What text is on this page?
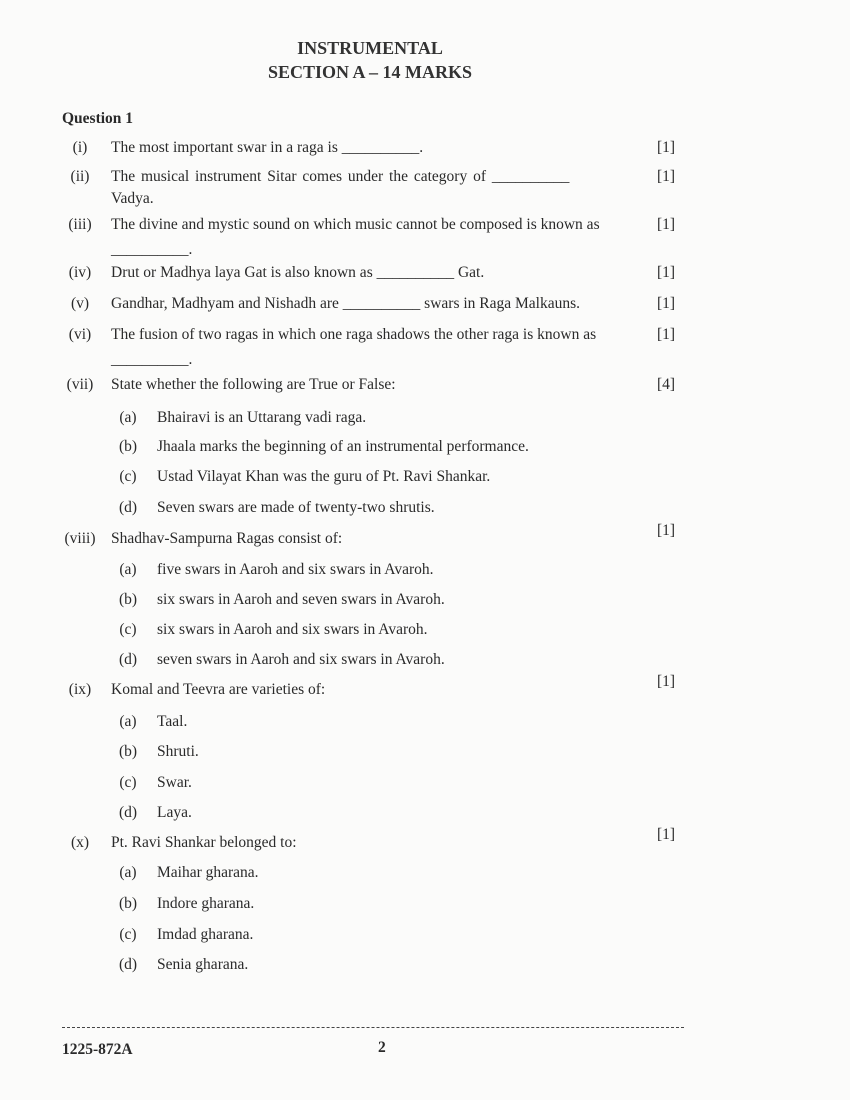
INSTRUMENTAL
SECTION A – 14 MARKS
Question 1
(i)	The most important swar in a raga is __________.	[1]
(ii)	The musical instrument Sitar comes under the category of __________
Vadya.
[1]
(iii)	The divine and mystic sound on which music cannot be composed is known as
__________.
[1]
(iv)	Drut or Madhya laya Gat is also known as __________ Gat.	[1]
(v)	Gandhar, Madhyam and Nishadh are __________ swars in Raga Malkauns.	[1]
(vi)	The fusion of two ragas in which one raga shadows the other raga is known as
__________.
[1]
(vii)	State whether the following are True or False:	[4]
(a)	Bhairavi is an Uttarang vadi raga.
(b)	Jhaala marks the beginning of an instrumental performance.
(c)	Ustad Vilayat Khan was the guru of Pt. Ravi Shankar.
(d)	Seven swars are made of twenty-two shrutis.
(viii)	Shadhav-Sampurna Ragas consist of:	[1]
(a)	five swars in Aaroh and six swars in Avaroh.
(b)	six swars in Aaroh and seven swars in Avaroh.
(c)	six swars in Aaroh and six swars in Avaroh.
(d)	seven swars in Aaroh and six swars in Avaroh.
(ix)	Komal and Teevra are varieties of:	[1]
(a)	Taal.
(b)	Shruti.
(c)	Swar.
(d)	Laya.
(x)	Pt. Ravi Shankar belonged to:	[1]
(a)	Maihar gharana.
(b)	Indore gharana.
(c)	Imdad gharana.
(d)	Senia gharana.
1225-872A	2
